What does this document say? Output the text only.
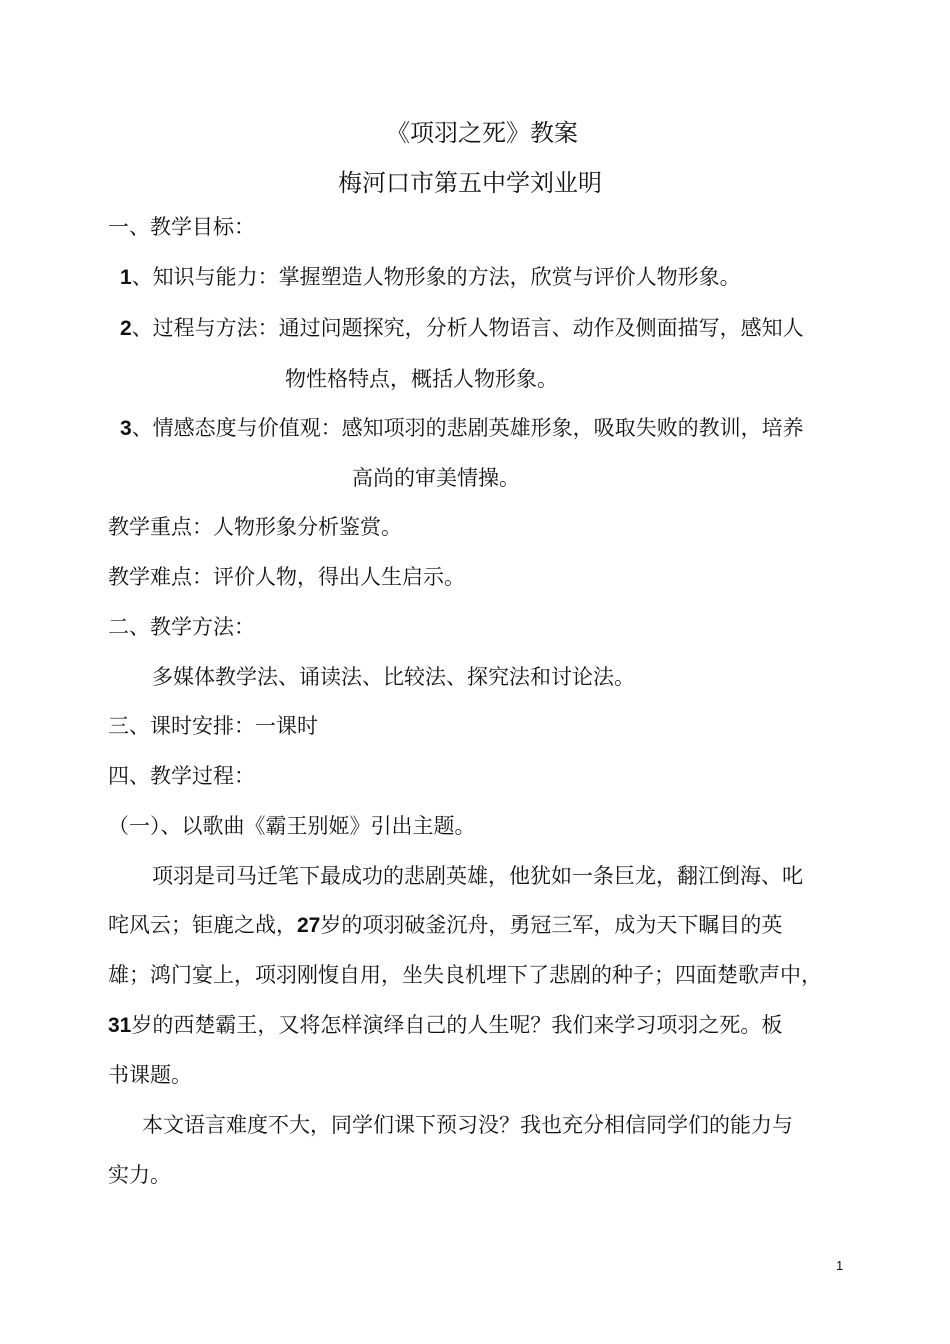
《项羽之死》教案
梅河口市第五中学刘业明
一、教学目标：
1、知识与能力：掌握塑造人物形象的方法，欣赏与评价人物形象。
2、过程与方法：通过问题探究，分析人物语言、动作及侧面描写，感知人
物性格特点，概括人物形象。
3、情感态度与价值观：感知项羽的悲剧英雄形象，吸取失败的教训，培养
高尚的审美情操。
教学重点：人物形象分析鉴赏。
教学难点：评价人物，得出人生启示。
二、教学方法：
多媒体教学法、诵读法、比较法、探究法和讨论法。
三、课时安排：一课时
四、教学过程：
（一）、以歌曲《霸王别姬》引出主题。
项羽是司马迁笔下最成功的悲剧英雄，他犹如一条巨龙，翻江倒海、叱
咤风云；钜鹿之战，27岁的项羽破釜沉舟，勇冠三军，成为天下瞩目的英
雄；鸿门宴上，项羽刚愎自用，坐失良机埋下了悲剧的种子；四面楚歌声中，
31岁的西楚霸王，又将怎样演绎自己的人生呢？我们来学习项羽之死。板
书课题。
本文语言难度不大，同学们课下预习没？我也充分相信同学们的能力与
实力。
1
